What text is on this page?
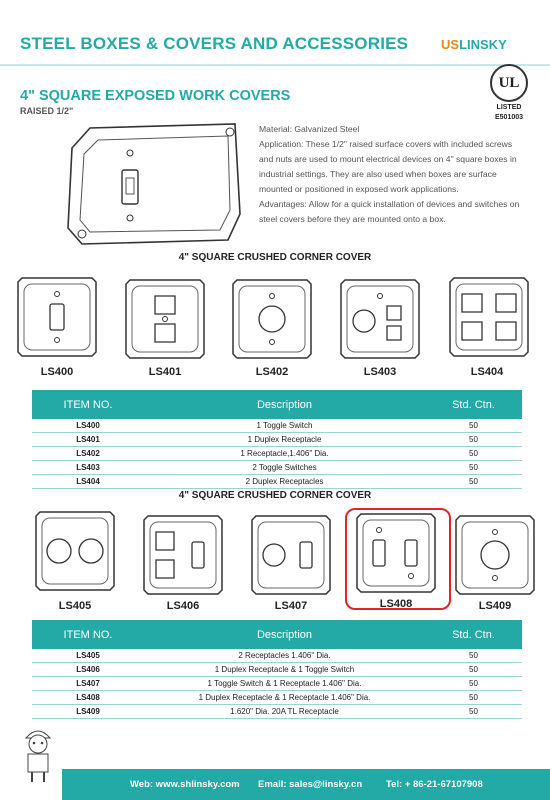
STEEL BOXES & COVERS AND ACCESSORIES	USLINSKY
4" SQUARE EXPOSED WORK COVERS
RAISED 1/2"
UL
LISTED
E501003
Material: Galvanized Steel
Application: These 1/2" raised surface covers with included screws and nuts are used to mount electrical devices on 4" square boxes in industrial settings. They are also used when boxes are surface mounted or positioned in exposed work applications.
Advantages: Allow for a quick installation of devices and switches on steel covers before they are mounted onto a box.
4" SQUARE CRUSHED CORNER COVER
LS400	LS401	LS402	LS403	LS404
ITEM NO.	Description	Std. Ctn.
LS400	1 Toggle Switch	50
LS401	1 Duplex Receptacle	50
LS402	1 Receptacle,1.406" Dia.	50
LS403	2 Toggle Switches	50
LS404	2 Duplex Receptacles	50
4" SQUARE CRUSHED CORNER COVER
LS405	LS406	LS407	LS408	LS409
ITEM NO.	Description	Std. Ctn.
LS405	2 Receptacles 1.406" Dia.	50
LS406	1 Duplex Receptacle & 1 Toggle Switch	50
LS407	1 Toggle Switch & 1 Receptacle 1.406" Dia.	50
LS408	1 Duplex Receptacle & 1 Receptacle 1.406" Dia.	50
LS409	1.620" Dia. 20A TL Receptacle	50
Web: www.shlinsky.com Email: sales@linsky.cn	Tel: + 86-21-67107908
